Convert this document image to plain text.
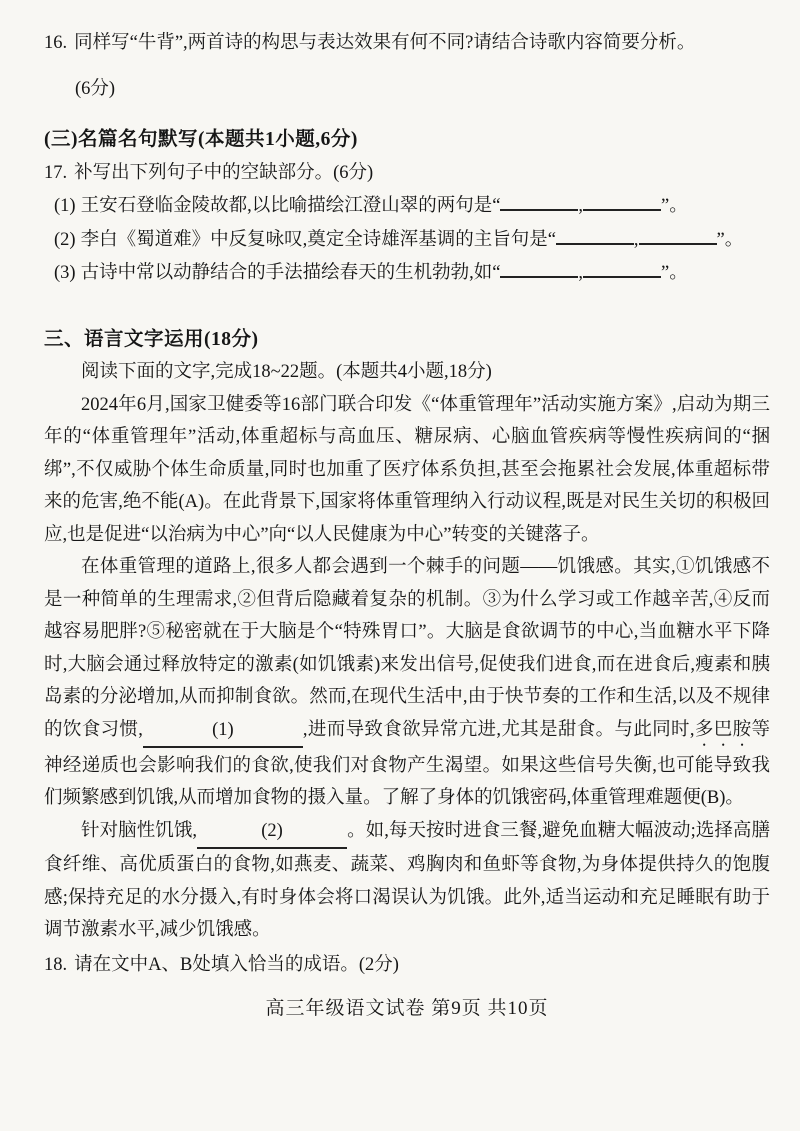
16. 同样写“牛背”,两首诗的构思与表达效果有何不同?请结合诗歌内容简要分析。
(6分)
(三)名篇名句默写(本题共1小题,6分)
17. 补写出下列句子中的空缺部分。(6分)
(1) 王安石登临金陵故都,以比喻描绘江澄山翠的两句是“	,	”。
(2) 李白《蜀道难》中反复咏叹,奠定全诗雄浑基调的主旨句是“	,	”。
(3) 古诗中常以动静结合的手法描绘春天的生机勃勃,如“	,	”。
三、语言文字运用(18分)
阅读下面的文字,完成18~22题。(本题共4小题,18分)
2024年6月,国家卫健委等16部门联合印发《“体重管理年”活动实施方案》,启动为期三年的“体重管理年”活动,体重超标与高血压、糖尿病、心脑血管疾病等慢性疾病间的“捆绑”,不仅威胁个体生命质量,同时也加重了医疗体系负担,甚至会拖累社会发展,体重超标带来的危害,绝不能(A)。在此背景下,国家将体重管理纳入行动议程,既是对民生关切的积极回应,也是促进“以治病为中心”向“以人民健康为中心”转变的关键落子。
在体重管理的道路上,很多人都会遇到一个棘手的问题——饥饿感。其实,①饥饿感不是一种简单的生理需求,②但背后隐藏着复杂的机制。③为什么学习或工作越辛苦,④反而越容易肥胖?⑤秘密就在于大脑是个“特殊胃口”。大脑是食欲调节的中心,当血糖水平下降时,大脑会通过释放特定的激素(如饥饿素)来发出信号,促使我们进食,而在进食后,瘦素和胰岛素的分泌增加,从而抑制食欲。然而,在现代生活中,由于快节奏的工作和生活,以及不规律的饮食习惯,	(1)	,进而导致食欲异常亢进,尤其是甜食。与此同时,多巴胺等神经递质也会影响我们的食欲,使我们对食物产生渴望。如果这些信号失衡,也可能导致我们频繁感到饥饿,从而增加食物的摄入量。了解了身体的饥饿密码,体重管理难题便(B)。
针对脑性饥饿,	(2)	。如,每天按时进食三餐,避免血糖大幅波动;选择高膳食纤维、高优质蛋白的食物,如燕麦、蔬菜、鸡胸肉和鱼虾等食物,为身体提供持久的饱腹感;保持充足的水分摄入,有时身体会将口渴误认为饥饿。此外,适当运动和充足睡眠有助于调节激素水平,减少饥饿感。
18. 请在文中A、B处填入恰当的成语。(2分)
高三年级语文试卷 第9页 共10页
